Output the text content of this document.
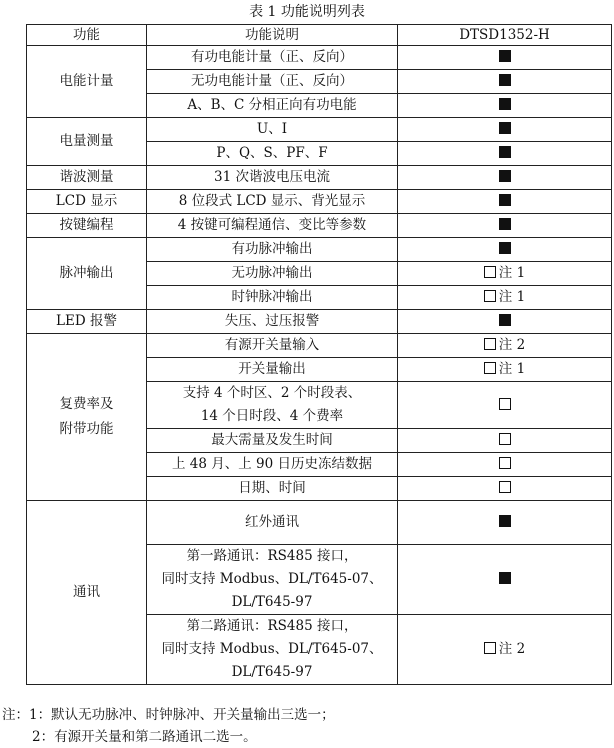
表 1 功能说明列表
功能	功能说明	DTSD1352-H
电能计量	有功电能计量（正、反向）	
	无功电能计量（正、反向）	
	A、B、C 分相正向有功电能	
电量测量	U、I	
	P、Q、S、PF、F	
谐波测量	31 次谐波电压电流	
LCD 显示	8 位段式 LCD 显示、背光显示	
按键编程	4 按键可编程通信、变比等参数	
脉冲输出	有功脉冲输出	
	无功脉冲输出	注 1
	时钟脉冲输出	注 1
LED 报警	失压、过压报警	

复费率及
附带功能	有源开关量输入	注 2
	开关量输出	注 1

	支持 4 个时区、2 个时段表、
14 个日时段、4 个费率	

	最大需量及发生时间	
	上 48 月、上 90 日历史冻结数据	
	日期、时间	
通讯	红外通讯	

	第一路通讯：RS485 接口，
同时支持 Modbus、DL/T645-07、
DL/T645-97	

	第二路通讯：RS485 接口，
同时支持 Modbus、DL/T645-07、
DL/T645-97	注 2
注：1：默认无功脉冲、时钟脉冲、开关量输出三选一；
2：有源开关量和第二路通讯二选一。
